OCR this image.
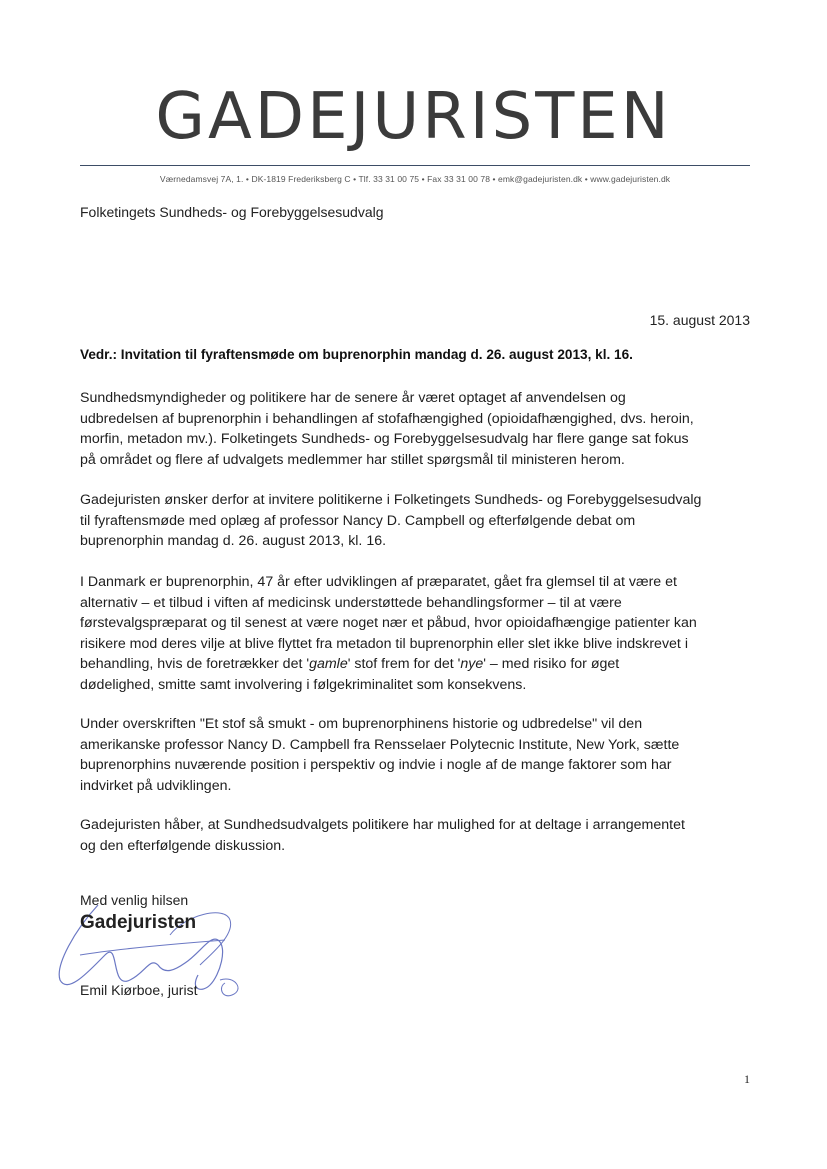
GADEJURISTEN
Værnedamsvej 7A, 1. • DK-1819 Frederiksberg C • Tlf. 33 31 00 75 • Fax 33 31 00 78 • emk@gadejuristen.dk • www.gadejuristen.dk
Folketingets Sundheds- og Forebyggelsesudvalg
15. august 2013
Vedr.: Invitation til fyraftensmøde om buprenorphin mandag d. 26. august 2013, kl. 16.
Sundhedsmyndigheder og politikere har de senere år været optaget af anvendelsen og
udbredelsen af buprenorphin i behandlingen af stofafhængighed (opioidafhængighed, dvs. heroin,
morfin, metadon mv.). Folketingets Sundheds- og Forebyggelsesudvalg har flere gange sat fokus
på området og flere af udvalgets medlemmer har stillet spørgsmål til ministeren herom.
Gadejuristen ønsker derfor at invitere politikerne i Folketingets Sundheds- og Forebyggelsesudvalg
til fyraftensmøde med oplæg af professor Nancy D. Campbell og efterfølgende debat om
buprenorphin mandag d. 26. august 2013, kl. 16.
I Danmark er buprenorphin, 47 år efter udviklingen af præparatet, gået fra glemsel til at være et
alternativ – et tilbud i viften af medicinsk understøttede behandlingsformer – til at være
førstevalgspræparat og til senest at være noget nær et påbud, hvor opioidafhængige patienter kan
risikere mod deres vilje at blive flyttet fra metadon til buprenorphin eller slet ikke blive indskrevet i
behandling, hvis de foretrækker det 'gamle' stof frem for det 'nye' – med risiko for øget
dødelighed, smitte samt involvering i følgekriminalitet som konsekvens.
Under overskriften "Et stof så smukt - om buprenorphinens historie og udbredelse" vil den
amerikanske professor Nancy D. Campbell fra Rensselaer Polytecnic Institute, New York, sætte
buprenorphins nuværende position i perspektiv og indvie i nogle af de mange faktorer som har
indvirket på udviklingen.
Gadejuristen håber, at Sundhedsudvalgets politikere har mulighed for at deltage i arrangementet
og den efterfølgende diskussion.
Med venlig hilsen
Gadejuristen
Emil Kiørboe, jurist
1
